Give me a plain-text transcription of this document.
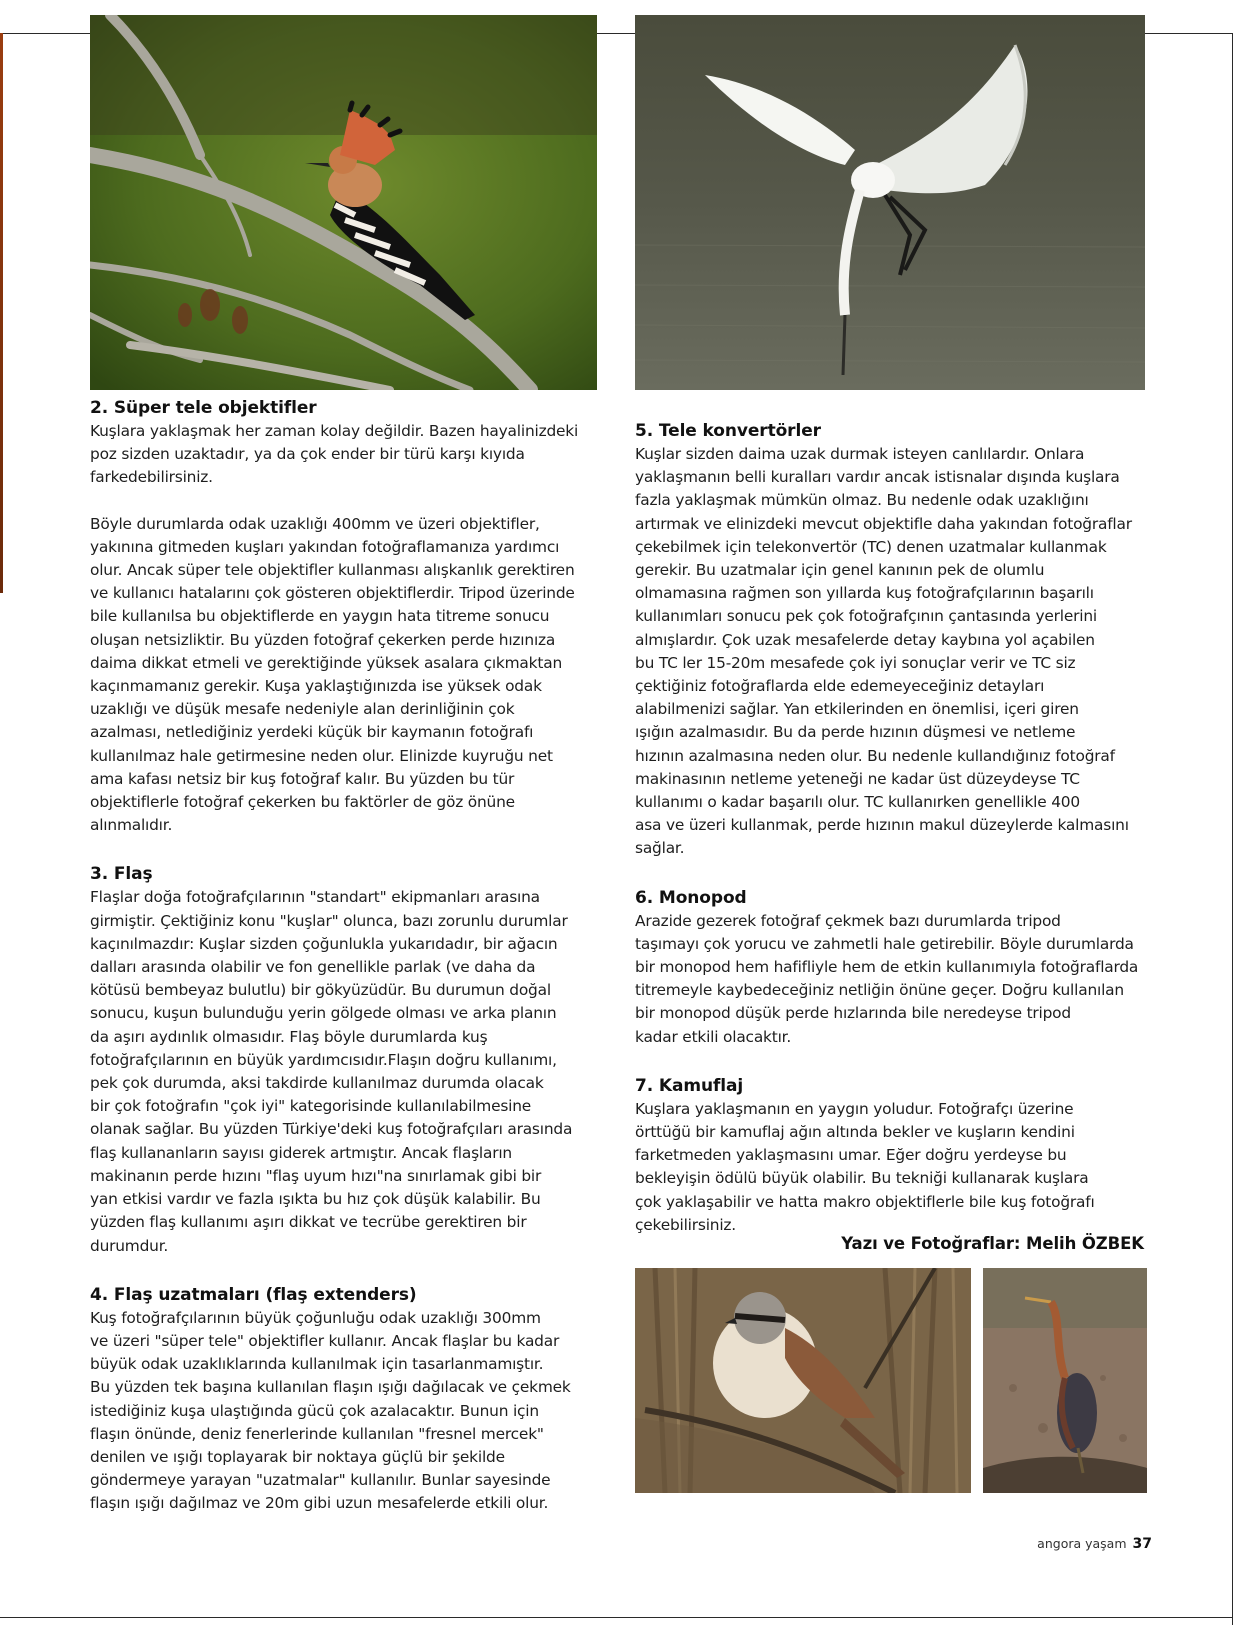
2. Süper tele objektifler

Kuşlara yaklaşmak her zaman kolay değildir. Bazen hayalinizdeki
poz sizden uzaktadır, ya da çok ender bir türü karşı kıyıda
farkedebilirsiniz.

Böyle durumlarda odak uzaklığı 400mm ve üzeri objektifler,
yakınına gitmeden kuşları yakından fotoğraflamanıza yardımcı
olur. Ancak süper tele objektifler kullanması alışkanlık gerektiren
ve kullanıcı hatalarını çok gösteren objektiflerdir. Tripod üzerinde
bile kullanılsa bu objektiflerde en yaygın hata titreme sonucu
oluşan netsizliktir. Bu yüzden fotoğraf çekerken perde hızınıza
daima dikkat etmeli ve gerektiğinde yüksek asalara çıkmaktan
kaçınmamanız gerekir. Kuşa yaklaştığınızda ise yüksek odak
uzaklığı ve düşük mesafe nedeniyle alan derinliğinin çok
azalması, netlediğiniz yerdeki küçük bir kaymanın fotoğrafı
kullanılmaz hale getirmesine neden olur. Elinizde kuyruğu net
ama kafası netsiz bir kuş fotoğraf kalır. Bu yüzden bu tür
objektiflerle fotoğraf çekerken bu faktörler de göz önüne
alınmalıdır.

3. Flaş

Flaşlar doğa fotoğrafçılarının "standart" ekipmanları arasına
girmiştir. Çektiğiniz konu "kuşlar" olunca, bazı zorunlu durumlar
kaçınılmazdır: Kuşlar sizden çoğunlukla yukarıdadır, bir ağacın
dalları arasında olabilir ve fon genellikle parlak (ve daha da
kötüsü bembeyaz bulutlu) bir gökyüzüdür. Bu durumun doğal
sonucu, kuşun bulunduğu yerin gölgede olması ve arka planın
da aşırı aydınlık olmasıdır. Flaş böyle durumlarda kuş
fotoğrafçılarının en büyük yardımcısıdır.Flaşın doğru kullanımı,
pek çok durumda, aksi takdirde kullanılmaz durumda olacak
bir çok fotoğrafın "çok iyi" kategorisinde kullanılabilmesine
olanak sağlar. Bu yüzden Türkiye'deki kuş fotoğrafçıları arasında
flaş kullananların sayısı giderek artmıştır. Ancak flaşların
makinanın perde hızını "flaş uyum hızı"na sınırlamak gibi bir
yan etkisi vardır ve fazla ışıkta bu hız çok düşük kalabilir. Bu
yüzden flaş kullanımı aşırı dikkat ve tecrübe gerektiren bir
durumdur.

4. Flaş uzatmaları (flaş extenders)

Kuş fotoğrafçılarının büyük çoğunluğu odak uzaklığı 300mm
ve üzeri "süper tele" objektifler kullanır. Ancak flaşlar bu kadar
büyük odak uzaklıklarında kullanılmak için tasarlanmamıştır.
Bu yüzden tek başına kullanılan flaşın ışığı dağılacak ve çekmek
istediğiniz kuşa ulaştığında gücü çok azalacaktır. Bunun için
flaşın önünde, deniz fenerlerinde kullanılan "fresnel mercek"
denilen ve ışığı toplayarak bir noktaya güçlü bir şekilde
göndermeye yarayan "uzatmalar" kullanılır. Bunlar sayesinde
flaşın ışığı dağılmaz ve 20m gibi uzun mesafelerde etkili olur.

5. Tele konvertörler

Kuşlar sizden daima uzak durmak isteyen canlılardır. Onlara
yaklaşmanın belli kuralları vardır ancak istisnalar dışında kuşlara
fazla yaklaşmak mümkün olmaz. Bu nedenle odak uzaklığını
artırmak ve elinizdeki mevcut objektifle daha yakından fotoğraflar
çekebilmek için telekonvertör (TC) denen uzatmalar kullanmak
gerekir. Bu uzatmalar için genel kanının pek de olumlu
olmamasına rağmen son yıllarda kuş fotoğrafçılarının başarılı
kullanımları sonucu pek çok fotoğrafçının çantasında yerlerini
almışlardır. Çok uzak mesafelerde detay kaybına yol açabilen
bu TC ler 15-20m mesafede çok iyi sonuçlar verir ve TC siz
çektiğiniz fotoğraflarda elde edemeyeceğiniz detayları
alabilmenizi sağlar. Yan etkilerinden en önemlisi, içeri giren
ışığın azalmasıdır. Bu da perde hızının düşmesi ve netleme
hızının azalmasına neden olur. Bu nedenle kullandığınız fotoğraf
makinasının netleme yeteneği ne kadar üst düzeydeyse TC
kullanımı o kadar başarılı olur. TC kullanırken genellikle 400
asa ve üzeri kullanmak, perde hızının makul düzeylerde kalmasını
sağlar.

6. Monopod

Arazide gezerek fotoğraf çekmek bazı durumlarda tripod
taşımayı çok yorucu ve zahmetli hale getirebilir. Böyle durumlarda
bir monopod hem hafifliyle hem de etkin kullanımıyla fotoğraflarda
titremeyle kaybedeceğiniz netliğin önüne geçer. Doğru kullanılan
bir monopod düşük perde hızlarında bile neredeyse tripod
kadar etkili olacaktır.

7. Kamuflaj

Kuşlara yaklaşmanın en yaygın yoludur. Fotoğrafçı üzerine
örttüğü bir kamuflaj ağın altında bekler ve kuşların kendini
farketmeden yaklaşmasını umar. Eğer doğru yerdeyse bu
bekleyişin ödülü büyük olabilir. Bu tekniği kullanarak kuşlara
çok yaklaşabilir ve hatta makro objektiflerle bile kuş fotoğrafı
çekebilirsiniz.

Yazı ve Fotoğraflar: Melih ÖZBEK
angora yaşam 37
